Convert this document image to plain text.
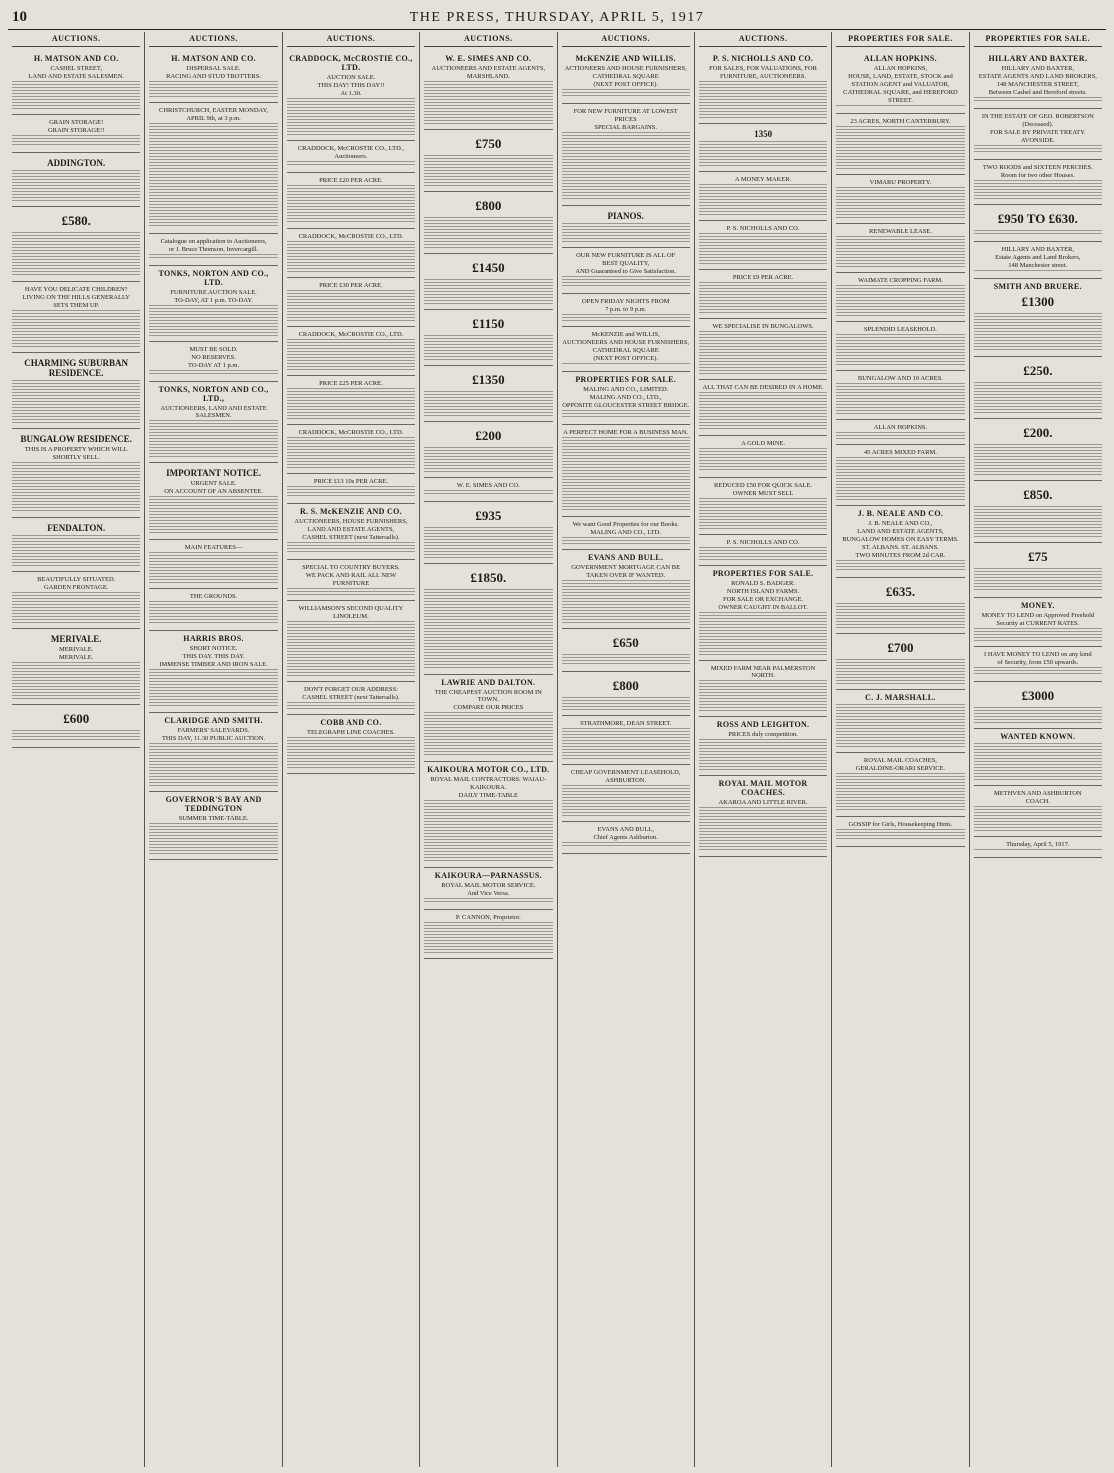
10	THE PRESS, THURSDAY, APRIL 5, 1917
AUCTIONS.
H. MATSON AND CO.
CASHEL STREET,
LAND AND ESTATE SALESMEN.
GRAIN STORAGE!
GRAIN STORAGE!!
ADDINGTON.
£580.
HAVE YOU DELICATE CHILDREN?
LIVING ON THE HILLS GENERALLY
SETS THEM UP.
CHARMING SUBURBAN RESIDENCE.
BUNGALOW RESIDENCE.
THIS IS A PROPERTY WHICH WILL
SHORTLY SELL.
FENDALTON.
BEAUTIFULLY SITUATED.
GARDEN FRONTAGE.
MERIVALE.
MERIVALE.
MERIVALE.
£600
AUCTIONS.
H. MATSON AND CO.
DISPERSAL SALE.
RACING AND STUD TROTTERS.
CHRISTCHURCH, EASTER MONDAY,
APRIL 9th, at 3 p.m.
Catalogue on application to Auctioneers,
or J. Bruce Thomson, Invercargill.
TONKS, NORTON AND CO., LTD.
FURNITURE AUCTION SALE.
TO-DAY, AT 1 p.m. TO-DAY.
MUST BE SOLD.
NO RESERVES.
TO-DAY AT 1 p.m.
TONKS, NORTON AND CO., LTD.,
AUCTIONEERS, LAND AND ESTATE SALESMEN.
IMPORTANT NOTICE.
URGENT SALE.
ON ACCOUNT OF AN ABSENTEE.
MAIN FEATURES—
THE GROUNDS.
HARRIS BROS.
SHORT NOTICE.
THIS DAY. THIS DAY.
IMMENSE TIMBER AND IRON SALE.
CLARIDGE AND SMITH.
FARMERS' SALEYARDS.
THIS DAY, 11.30 PUBLIC AUCTION.
GOVERNOR'S BAY AND TEDDINGTON
SUMMER TIME-TABLE.
AUCTIONS.
CRADDOCK, McCROSTIE CO., LTD.
AUCTION SALE.
THIS DAY! THIS DAY!!
At 1.30.
CRADDOCK, McCROSTIE CO., LTD.,
Auctioneers.
PRICE £20 PER ACRE.
CRADDOCK, McCROSTIE CO., LTD.
PRICE £30 PER ACRE.
CRADDOCK, McCROSTIE CO., LTD.
PRICE £25 PER ACRE.
CRADDOCK, McCROSTIE CO., LTD.
PRICE £13 10s PER ACRE.
R. S. McKENZIE AND CO.
AUCTIONEERS, HOUSE FURNISHERS,
LAND AND ESTATE AGENTS,
CASHEL STREET (next Tattersalls).
SPECIAL TO COUNTRY BUYERS.
WE PACK AND RAIL ALL NEW
FURNITURE
WILLIAMSON'S SECOND QUALITY
LINOLEUM.
DON'T FORGET OUR ADDRESS:
CASHEL STREET (next Tattersalls).
COBB AND CO.
TELEGRAPH LINE COACHES.
AUCTIONS.
W. E. SIMES AND CO.
AUCTIONEERS AND ESTATE AGENTS,
MARSHLAND.
£750
£800
£1450
£1150
£1350
£200
W. E. SIMES AND CO.
£935
£1850.
LAWRIE AND DALTON.
THE CHEAPEST AUCTION ROOM IN TOWN.
COMPARE OUR PRICES
KAIKOURA MOTOR CO., LTD.
ROYAL MAIL CONTRACTORS: WAIAU-
KAIKOURA.
DAILY TIME-TABLE
KAIKOURA—PARNASSUS.
ROYAL MAIL MOTOR SERVICE.
And Vice Versa.
P. CANNON, Proprietor.
AUCTIONS.
McKENZIE AND WILLIS.
ACTIONEERS AND HOUSE FURNISHERS,
CATHEDRAL SQUARE
(NEXT POST OFFICE).
FOR NEW FURNITURE AT LOWEST
PRICES
SPECIAL BARGAINS.
PIANOS.
OUR NEW FURNITURE IS ALL OF
BEST QUALITY,
AND Guaranteed to Give Satisfaction.
OPEN FRIDAY NIGHTS FROM
7 p.m. to 9 p.m.
McKENZIE and WILLIS,
AUCTIONEERS AND HOUSE FURNISHERS,
CATHEDRAL SQUARE
(NEXT POST OFFICE).
PROPERTIES FOR SALE.
MALING AND CO., LIMITED.
MALING AND CO., LTD.,
OPPOSITE GLOUCESTER STREET BRIDGE.
A PERFECT HOME FOR A BUSINESS MAN.
We want Good Properties for our Books.
MALING AND CO., LTD.
EVANS AND BULL.
GOVERNMENT MORTGAGE CAN BE
TAKEN OVER IF WANTED.
£650
£800
STRATHMORE, DEAN STREET.
CHEAP GOVERNMENT LEASEHOLD,
ASHBURTON.
EVANS AND BULL,
Chief Agents Ashburton.
AUCTIONS.
P. S. NICHOLLS AND CO.
FOR SALES, FOR VALUATIONS, FOR
FURNITURE, AUCTIONEERS.
1350
A MONEY MAKER.
P. S. NICHOLLS AND CO.
PRICE £9 PER ACRE.
WE SPECIALISE IN BUNGALOWS.
ALL THAT CAN BE DESIRED IN A HOME.
A GOLD MINE.
REDUCED £50 FOR QUICK SALE.
OWNER MUST SELL
P. S. NICHOLLS AND CO.
PROPERTIES FOR SALE.
RONALD S. BADGER.
NORTH ISLAND FARMS.
FOR SALE OR EXCHANGE.
OWNER CAUGHT IN BALLOT.
MIXED FARM NEAR PALMERSTON NORTH.
ROSS AND LEIGHTON.
PRICES duly competition.
ROYAL MAIL MOTOR COACHES.
AKAROA AND LITTLE RIVER.
PROPERTIES FOR SALE.
ALLAN HOPKINS.
ALLAN HOPKINS,
HOUSE, LAND, ESTATE, STOCK and
STATION AGENT and VALUATOR,
CATHEDRAL SQUARE, and HEREFORD
STREET.
23 ACRES, NORTH CANTERBURY.
VIMARU PROPERTY.
RENEWABLE LEASE.
WAIMATE CROPPING FARM.
SPLENDID LEASEHOLD.
BUNGALOW AND 10 ACRES.
ALLAN HOPKINS.
45 ACRES MIXED FARM.
J. B. NEALE AND CO.
J. B. NEALE AND CO.,
LAND AND ESTATE AGENTS,
BUNGALOW HOMES ON EASY TERMS.
ST. ALBANS. ST. ALBANS.
TWO MINUTES FROM 2d CAR.
£635.
£700
C. J. MARSHALL.
ROYAL MAIL COACHES,
GERALDINE-ORARI SERVICE.
GOSSIP for Girls, Housekeeping Hints.
PROPERTIES FOR SALE.
HILLARY AND BAXTER.
HILLARY AND BAXTER,
ESTATE AGENTS AND LAND BROKERS,
148 MANCHESTER STREET,
Between Cashel and Hereford streets.
IN THE ESTATE OF GEO. ROBERTSON
(Deceased).
FOR SALE BY PRIVATE TREATY.
AVONSIDE.
TWO ROODS and SIXTEEN PERCHES.
Room for two other Houses.
£950 TO £630.
HILLARY AND BAXTER,
Estate Agents and Land Brokers,
148 Manchester street.
SMITH AND BRUERE.
£1300
£250.
£200.
£850.
£75
MONEY.
MONEY TO LEND on Approved Freehold
Security at CURRENT RATES.
I HAVE MONEY TO LEND on any kind
of Security, from £50 upwards.
£3000
WANTED KNOWN.
METHVEN AND ASHBURTON
COACH.
Thursday, April 5, 1917.
